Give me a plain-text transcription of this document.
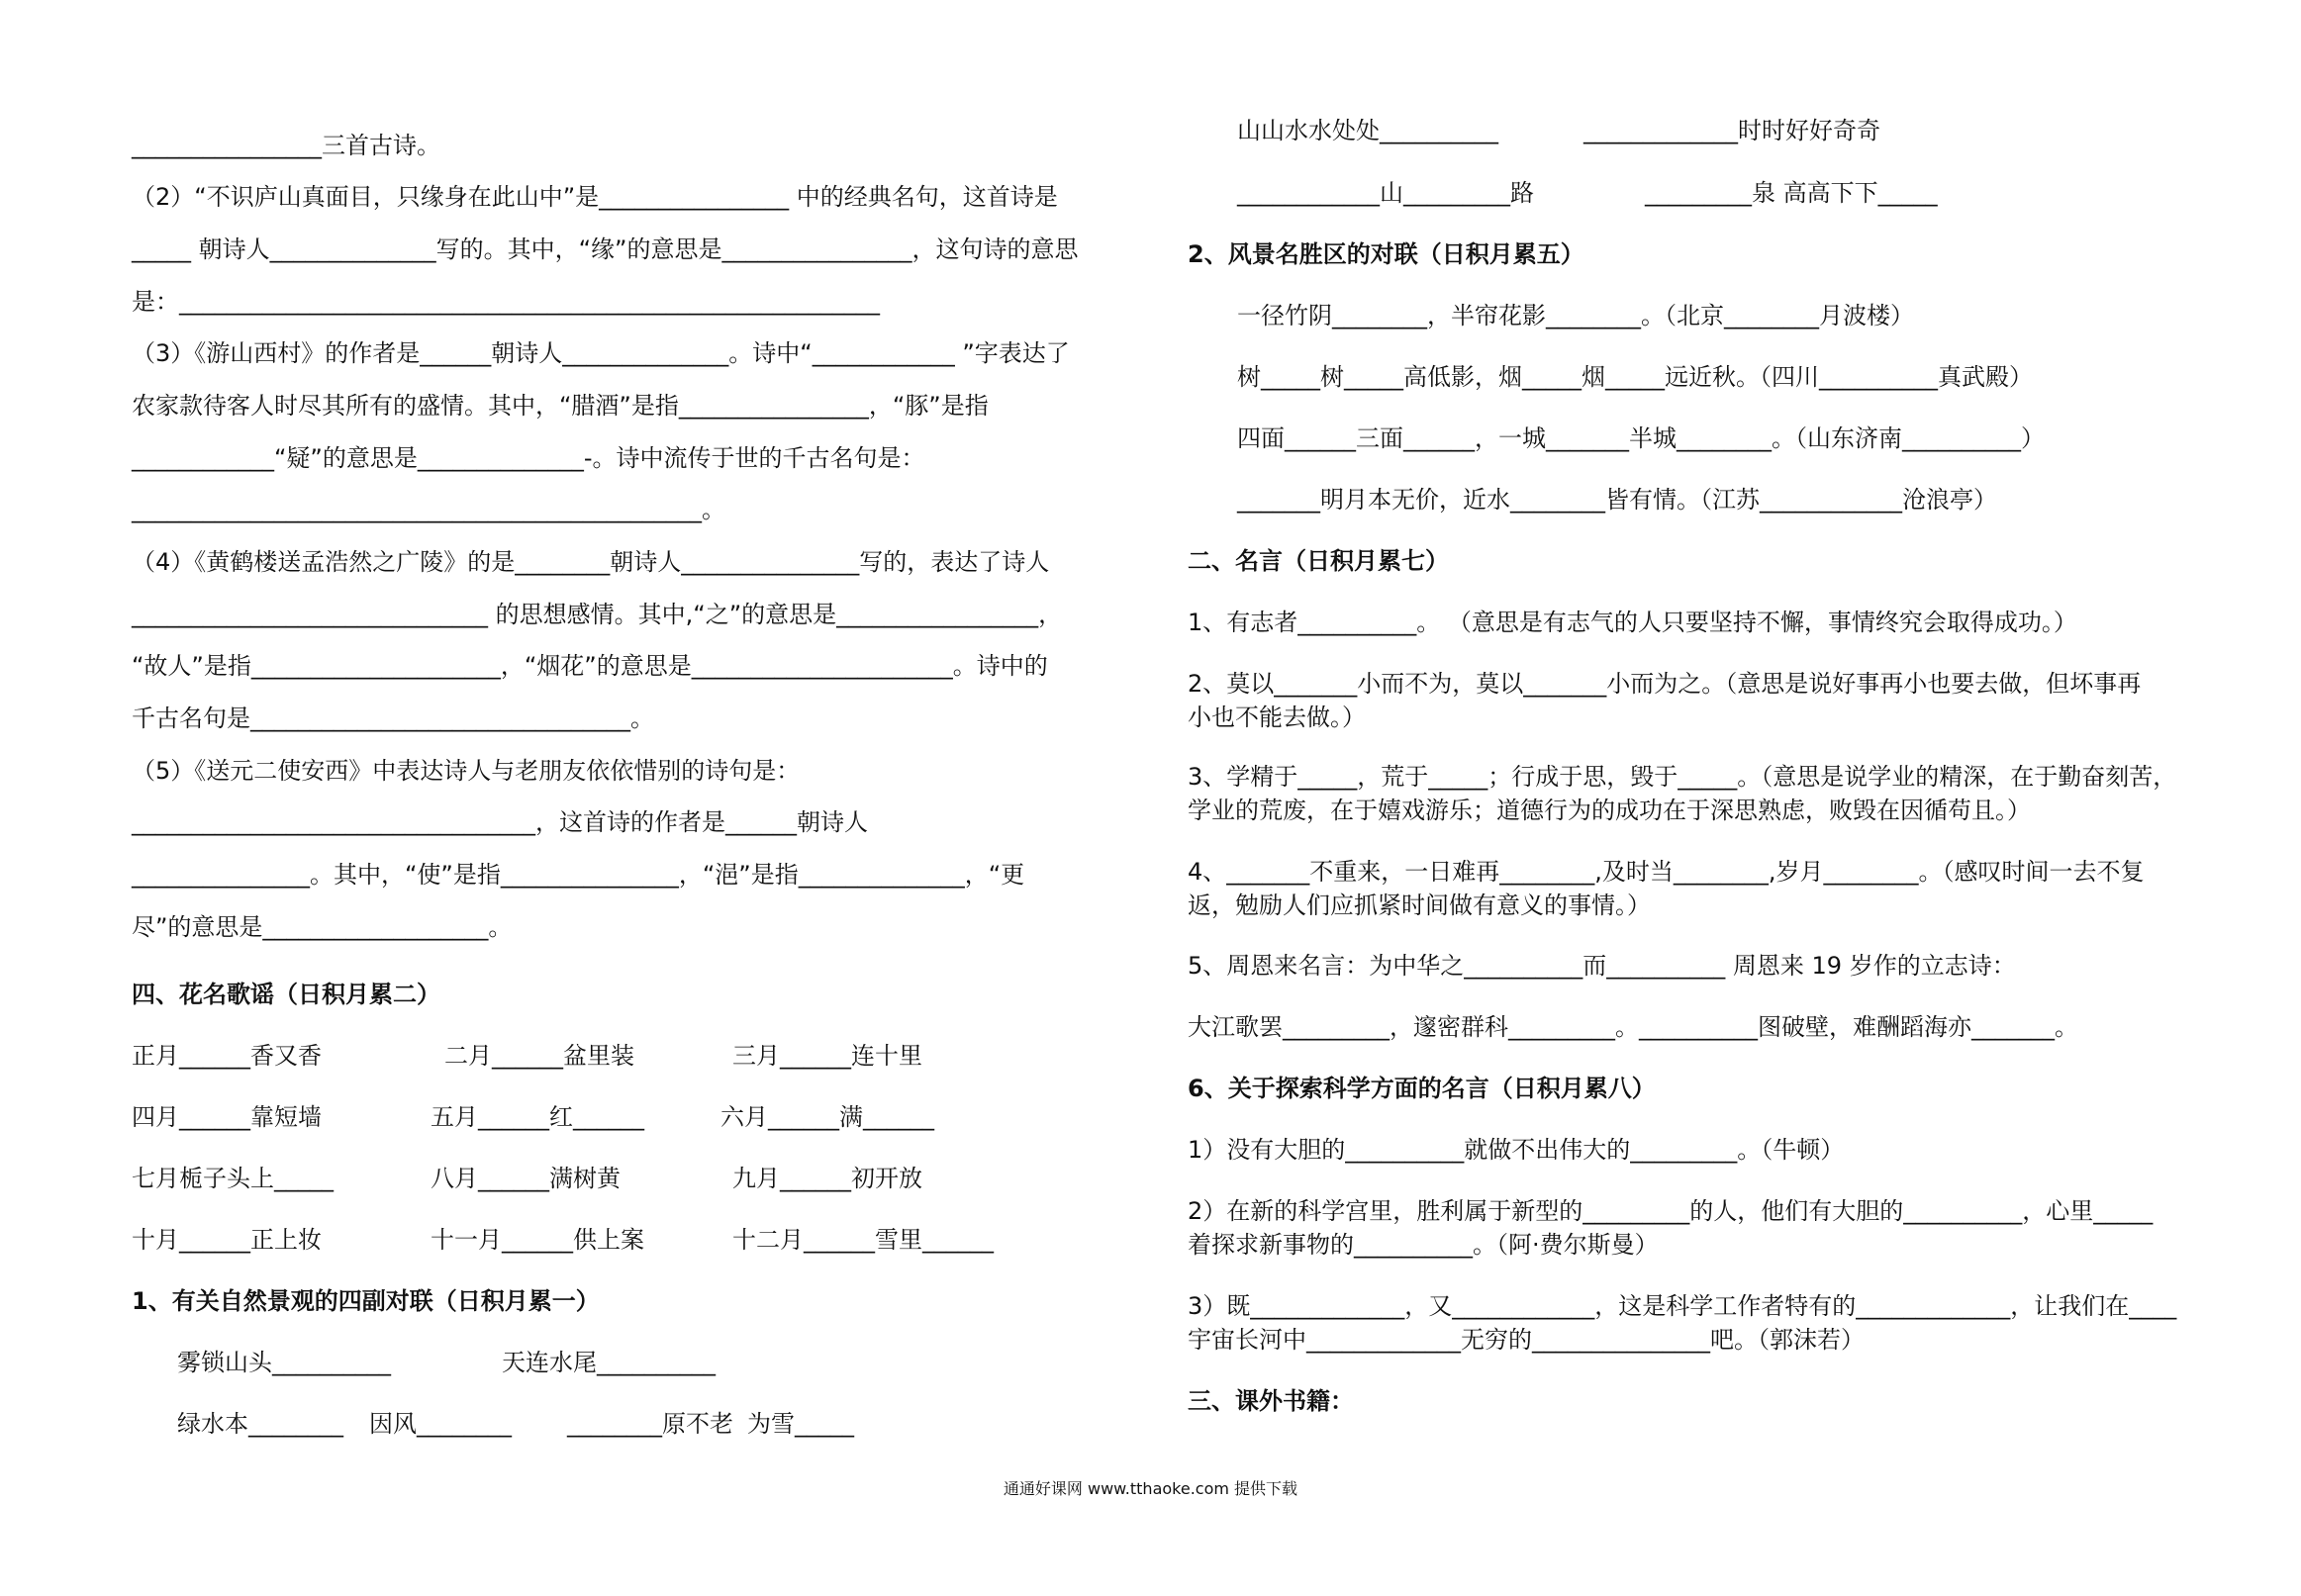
________________三首古诗。
（2）“不识庐山真面目，只缘身在此山中”是________________ 中的经典名句，这首诗是
_____ 朝诗人______________写的。其中，“缘”的意思是________________，这句诗的意思
是：___________________________________________________________
（3）《游山西村》的作者是______朝诗人______________。诗中“____________ ”字表达了
农家款待客人时尽其所有的盛情。其中，“腊酒”是指________________，“豚”是指
____________“疑”的意思是______________-。诗中流传于世的千古名句是：
________________________________________________。
（4）《黄鹤楼送孟浩然之广陵》的是________朝诗人_______________写的，表达了诗人
______________________________ 的思想感情。其中,“之”的意思是_________________，
“故人”是指_____________________，“烟花”的意思是______________________。诗中的
千古名句是________________________________。
（5）《送元二使安西》中表达诗人与老朋友依依惜别的诗句是：
__________________________________，这首诗的作者是______朝诗人
_______________。其中，“使”是指_______________，“浥”是指______________，“更
尽”的意思是___________________。
四、花名歌谣（日积月累二）
正月______香又香	二月______盆里装	三月______连十里
四月______靠短墙	五月______红______	六月______满______
七月栀子头上_____	八月______满树黄	九月______初开放
十月______正上妆	十一月______供上案	十二月______雪里______
1、有关自然景观的四副对联（日积月累一）
雾锁山头__________	天连水尾__________
绿水本________ 因风________ ________原不老 为雪_____
山山水水处处__________	_____________时时好好奇奇
____________山_________路	_________泉 高高下下_____
2、风景名胜区的对联（日积月累五）
一径竹阴________，半帘花影________。（北京________月波楼）
树_____树_____高低影，烟_____烟_____远近秋。（四川__________真武殿）
四面______三面______，一城_______半城________。（山东济南__________）
_______明月本无价，近水________皆有情。（江苏____________沧浪亭）
二、名言（日积月累七）
1、有志者__________。 （意思是有志气的人只要坚持不懈，事情终究会取得成功。）
2、莫以_______小而不为，莫以_______小而为之。（意思是说好事再小也要去做，但坏事再
小也不能去做。）
3、学精于_____，荒于_____；行成于思，毁于_____。（意思是说学业的精深，在于勤奋刻苦，
学业的荒废，在于嬉戏游乐；道德行为的成功在于深思熟虑，败毁在因循苟且。）
4、_______不重来，一日难再________,及时当________,岁月________。（感叹时间一去不复
返，勉励人们应抓紧时间做有意义的事情。）
5、周恩来名言：为中华之__________而__________ 周恩来 19 岁作的立志诗：
大江歌罢_________，邃密群科_________。__________图破壁，难酬蹈海亦_______。
6、关于探索科学方面的名言（日积月累八）
1）没有大胆的__________就做不出伟大的_________。（牛顿）
2）在新的科学宫里，胜利属于新型的_________的人，他们有大胆的__________，心里_____
着探求新事物的__________。（阿·费尔斯曼）
3）既_____________，又____________，这是科学工作者特有的_____________，让我们在____
宇宙长河中_____________无穷的_______________吧。（郭沫若）
三、课外书籍：
通通好课网 www.tthaoke.com 提供下载
